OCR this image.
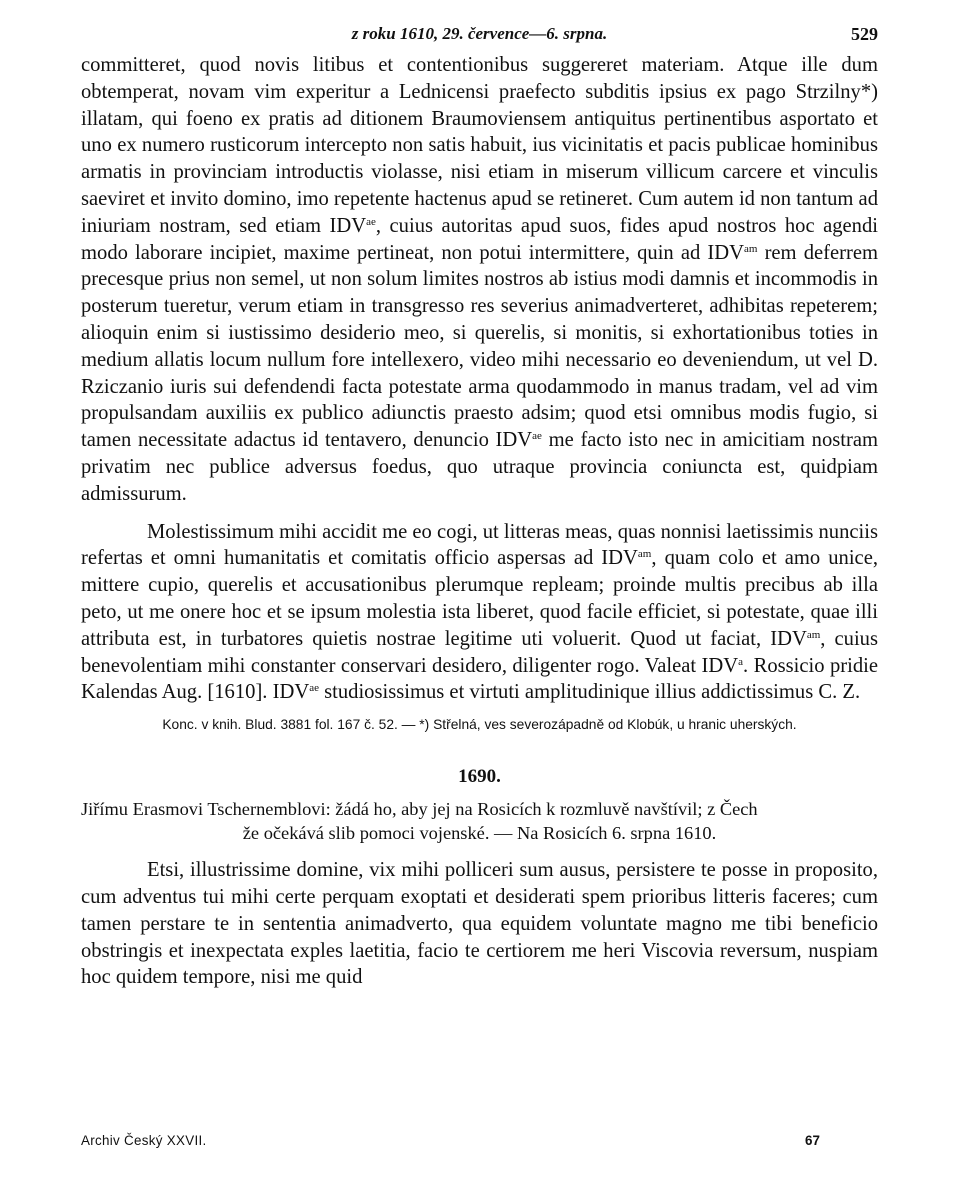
z roku 1610, 29. července—6. srpna.	529

committeret, quod novis litibus et contentionibus suggereret materiam. Atque ille dum obtemperat, novam vim experitur a Lednicensi praefecto subditis ipsius ex pago Strzilny*) illatam, qui foeno ex pratis ad ditionem Braumoviensem antiquitus pertinentibus asportato et uno ex numero rusticorum intercepto non satis habuit, ius vicinitatis et pacis publicae hominibus armatis in provinciam introductis violasse, nisi etiam in miserum villicum carcere et vinculis saeviret et invito domino, imo repetente hactenus apud se retineret. Cum autem id non tantum ad iniuriam nostram, sed etiam $IDV^{ae}$, cuius autoritas apud suos, fides apud nostros hoc agendi modo laborare incipiet, maxime pertineat, non potui intermittere, quin ad $IDV^{am}$ rem deferrem precesque prius non semel, ut non solum limites nostros ab istius modi damnis et incommodis in posterum tueretur, verum etiam in transgresso res severius animadverteret, adhibitas repeterem; alioquin enim si iustissimo desiderio meo, si querelis, si monitis, si exhortationibus toties in medium allatis locum nullum fore intellexero, video mihi necessario eo deveniendum, ut vel D. Rziczanio iuris sui defendendi facta potestate arma quodammodo in manus tradam, vel ad vim propulsandam auxiliis ex publico adiunctis praesto adsim; quod etsi omnibus modis fugio, si tamen necessitate adactus id tentavero, denuncio $IDV^{ae}$ me facto isto nec in amicitiam nostram privatim nec publice adversus foedus, quo utraque provincia coniuncta est, quidpiam admissurum.

Molestissimum mihi accidit me eo cogi, ut litteras meas, quas nonnisi laetissimis nunciis refertas et omni humanitatis et comitatis officio aspersas ad $IDV^{am}$, quam colo et amo unice, mittere cupio, querelis et accusationibus plerumque repleam; proinde multis precibus ab illa peto, ut me onere hoc et se ipsum molestia ista liberet, quod facile efficiet, si potestate, quae illi attributa est, in turbatores quietis nostrae legitime uti voluerit. Quod ut faciat, $IDV^{am}$, cuius benevolentiam mihi constanter conservari desidero, diligenter rogo. Valeat IDV$^a$. Rossicio pridie Kalendas Aug. [1610]. $IDV^{ae}$ studiosissimus et virtuti amplitudinique illius addictissimus C. Z.

Konc. v knih. Blud. 3881 fol. 167 č. 52. — *) Střelná, ves severozápadně od Klobúk, u hranic uherských.

1690.

Jiřímu Erasmovi Tschernemblovi: žádá ho, aby jej na Rosicích k rozmluvě navštívil; z Čech
že očekává slib pomoci vojenské. — Na Rosicích 6. srpna 1610.

Etsi, illustrissime domine, vix mihi polliceri sum ausus, persistere te posse in proposito, cum adventus tui mihi certe perquam exoptati et desiderati spem prioribus litteris faceres; cum tamen perstare te in sententia animadverto, qua equidem voluntate magno me tibi beneficio obstringis et inexpectata exples laetitia, facio te certiorem me heri Viscovia reversum, nuspiam hoc quidem tempore, nisi me quid

Archiv Český XXVII.	67
